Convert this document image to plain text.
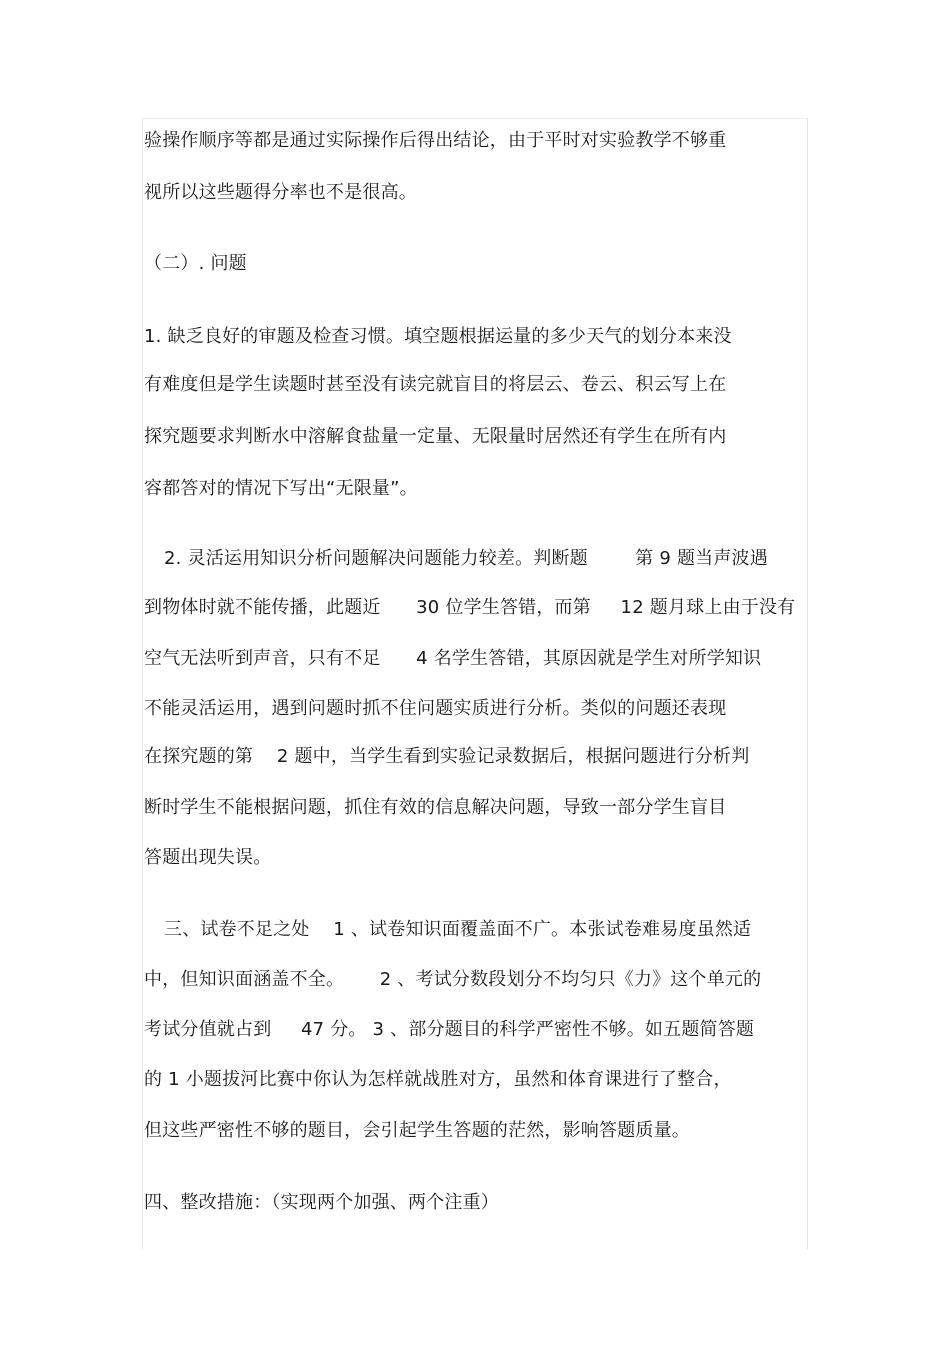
验操作顺序等都是通过实际操作后得出结论，由于平时对实验教学不够重
视所以这些题得分率也不是很高。
（二）. 问题
1. 缺乏良好的审题及检查习惯。填空题根据运量的多少天气的划分本来没
有难度但是学生读题时甚至没有读完就盲目的将层云、卷云、积云写上在
探究题要求判断水中溶解食盐量一定量、无限量时居然还有学生在所有内
容都答对的情况下写出“无限量”。
2. 灵活运用知识分析问题解决问题能力较差。判断题        第 9 题当声波遇
到物体时就不能传播，此题近      30 位学生答错，而第     12 题月球上由于没有
空气无法听到声音，只有不足      4 名学生答错，其原因就是学生对所学知识
不能灵活运用，遇到问题时抓不住问题实质进行分析。类似的问题还表现
在探究题的第    2 题中，当学生看到实验记录数据后，根据问题进行分析判
断时学生不能根据问题，抓住有效的信息解决问题，导致一部分学生盲目
答题出现失误。
三、试卷不足之处    1 、试卷知识面覆盖面不广。本张试卷难易度虽然适
中，但知识面涵盖不全。      2 、考试分数段划分不均匀只《力》这个单元的
考试分值就占到     47 分。 3 、部分题目的科学严密性不够。如五题简答题
的 1 小题拔河比赛中你认为怎样就战胜对方，虽然和体育课进行了整合，
但这些严密性不够的题目，会引起学生答题的茫然，影响答题质量。
四、整改措施：（实现两个加强、两个注重）
